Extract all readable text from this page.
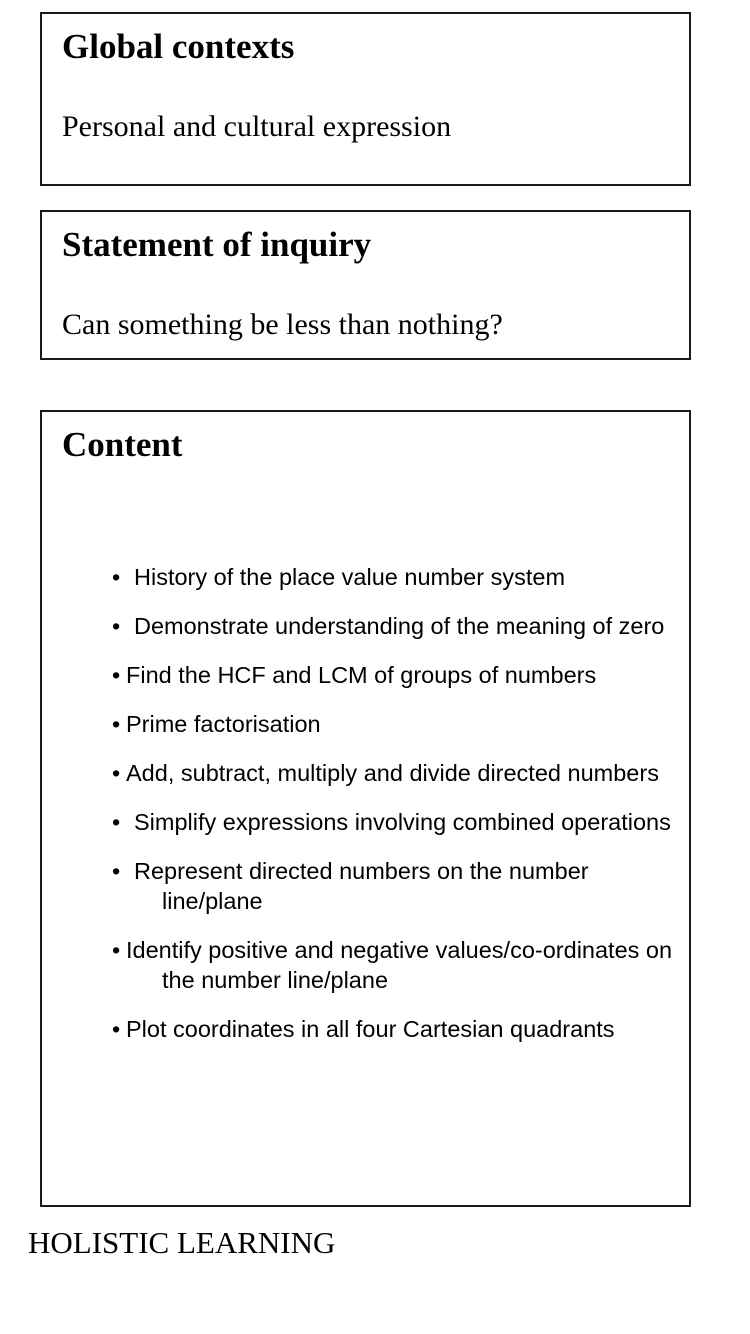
Global contexts

Personal and cultural expression

Statement of inquiry

Can something be less than nothing?

Content
• History of the place value number system
• Demonstrate understanding of the meaning of zero
• Find the HCF and LCM of groups of numbers
• Prime factorisation
• Add, subtract, multiply and divide directed numbers
• Simplify expressions involving combined operations
• Represent directed numbers on the number line/plane
• Identify positive and negative values/co-ordinates on the number line/plane
• Plot coordinates in all four Cartesian quadrants

HOLISTIC LEARNING
